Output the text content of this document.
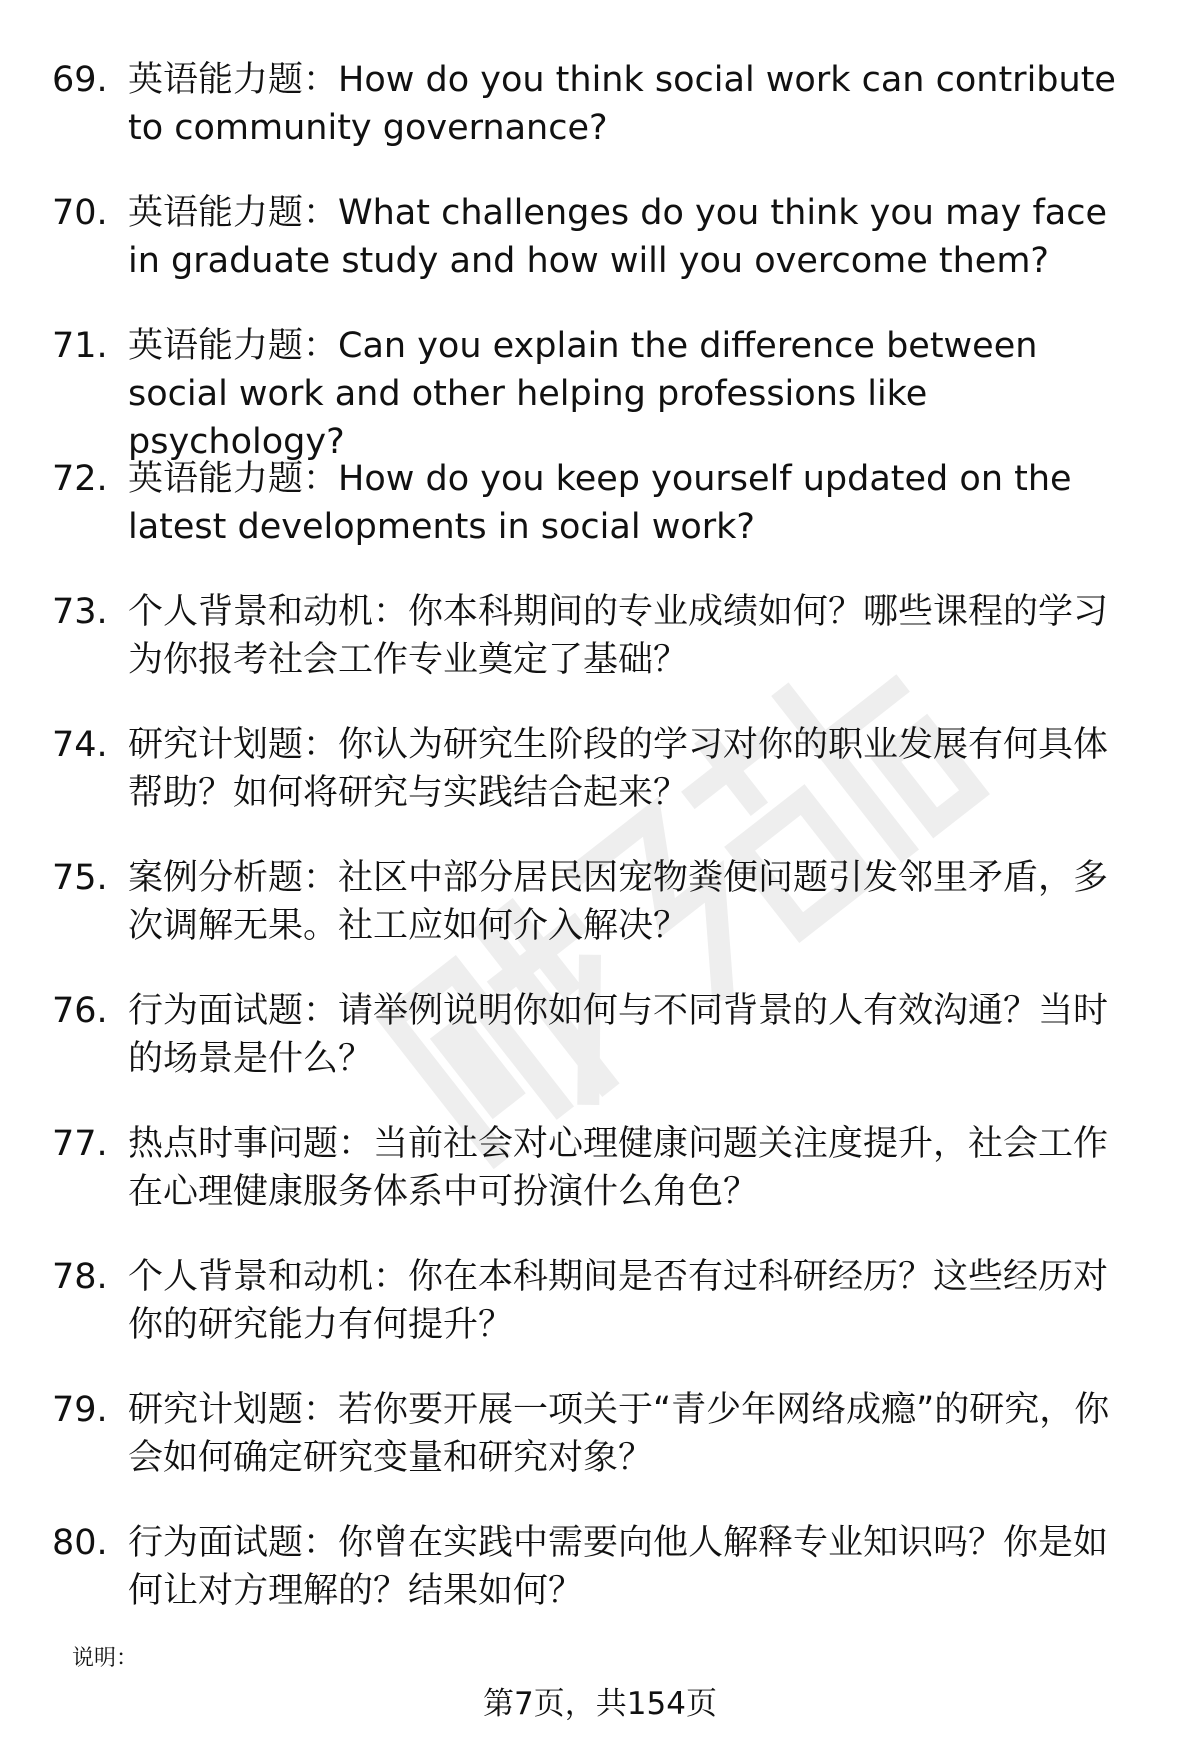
69. 英语能力题：How do you think social work can contribute to community governance?
70. 英语能力题：What challenges do you think you may face in graduate study and how will you overcome them?
71. 英语能力题：Can you explain the difference between social work and other helping professions like psychology?
72. 英语能力题：How do you keep yourself updated on the latest developments in social work?
73. 个人背景和动机：你本科期间的专业成绩如何？哪些课程的学习为你报考社会工作专业奠定了基础？
74. 研究计划题：你认为研究生阶段的学习对你的职业发展有何具体帮助？如何将研究与实践结合起来？
75. 案例分析题：社区中部分居民因宠物粪便问题引发邻里矛盾，多次调解无果。社工应如何介入解决？
76. 行为面试题：请举例说明你如何与不同背景的人有效沟通？当时的场景是什么？
77. 热点时事问题：当前社会对心理健康问题关注度提升，社会工作在心理健康服务体系中可扮演什么角色？
78. 个人背景和动机：你在本科期间是否有过科研经历？这些经历对你的研究能力有何提升？
79. 研究计划题：若你要开展一项关于“青少年网络成瘾”的研究，你会如何确定研究变量和研究对象？
80. 行为面试题：你曾在实践中需要向他人解释专业知识吗？你是如何让对方理解的？结果如何？
说明：
第7页，共154页
